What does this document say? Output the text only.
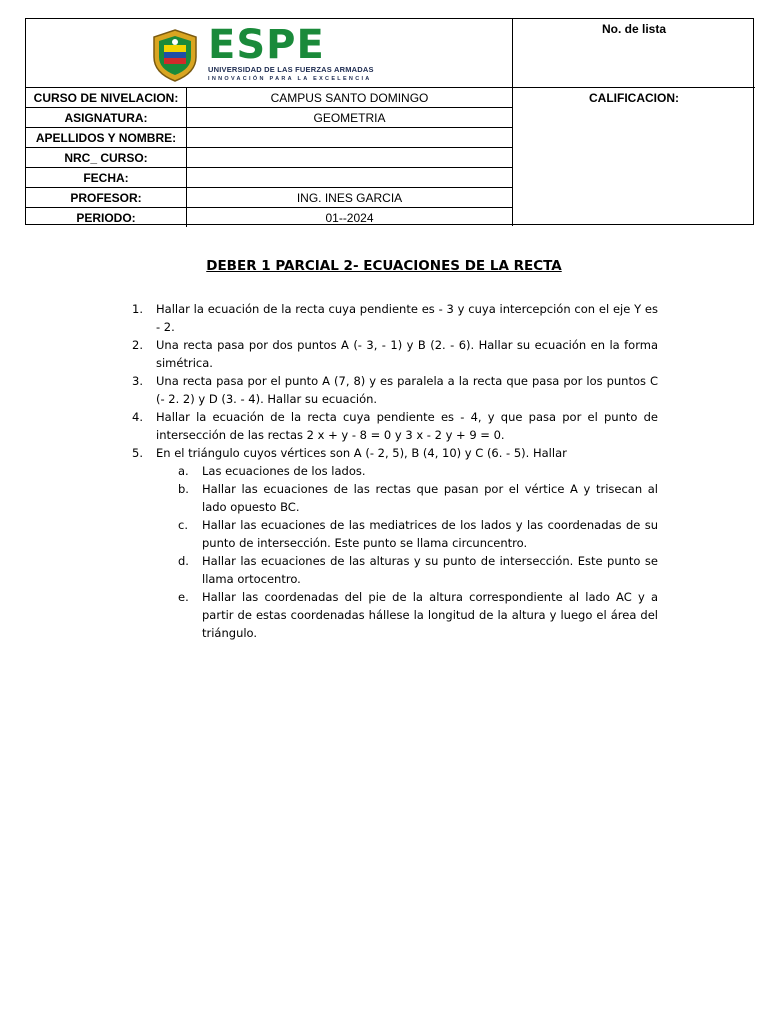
ESPE
UNIVERSIDAD DE LAS FUERZAS ARMADAS
INNOVACIÓN PARA LA EXCELENCIA
No. de lista
CURSO DE NIVELACION:	CAMPUS SANTO DOMINGO
ASIGNATURA:	GEOMETRIA
APELLIDOS Y NOMBRE:	
NRC_ CURSO:	
FECHA:	
PROFESOR:	ING. INES GARCIA
PERIODO:	01--2024
CALIFICACION:
DEBER 1 PARCIAL 2- ECUACIONES DE LA RECTA
1. Hallar la ecuación de la recta cuya pendiente es - 3 y cuya intercepción con el eje Y es - 2.
2. Una recta pasa por dos puntos A (- 3, - 1) y B (2. - 6). Hallar su ecuación en la forma simétrica.
3. Una recta pasa por el punto A (7, 8) y es paralela a la recta que pasa por los puntos C (- 2. 2) y D (3. - 4). Hallar su ecuación.
4. Hallar la ecuación de la recta cuya pendiente es - 4, y que pasa por el punto de intersección de las rectas 2 x + y - 8 = 0 y 3 x - 2 y + 9 = 0.
5. En el triángulo cuyos vértices son A (- 2, 5), B (4, 10) y C (6. - 5). Hallar
a. Las ecuaciones de los lados.
b. Hallar las ecuaciones de las rectas que pasan por el vértice A y trisecan al lado opuesto BC.
c. Hallar las ecuaciones de las mediatrices de los lados y las coordenadas de su punto de intersección. Este punto se llama circuncentro.
d. Hallar las ecuaciones de las alturas y su punto de intersección. Este punto se llama ortocentro.
e. Hallar las coordenadas del pie de la altura correspondiente al lado AC y a partir de estas coordenadas hállese la longitud de la altura y luego el área del triángulo.
